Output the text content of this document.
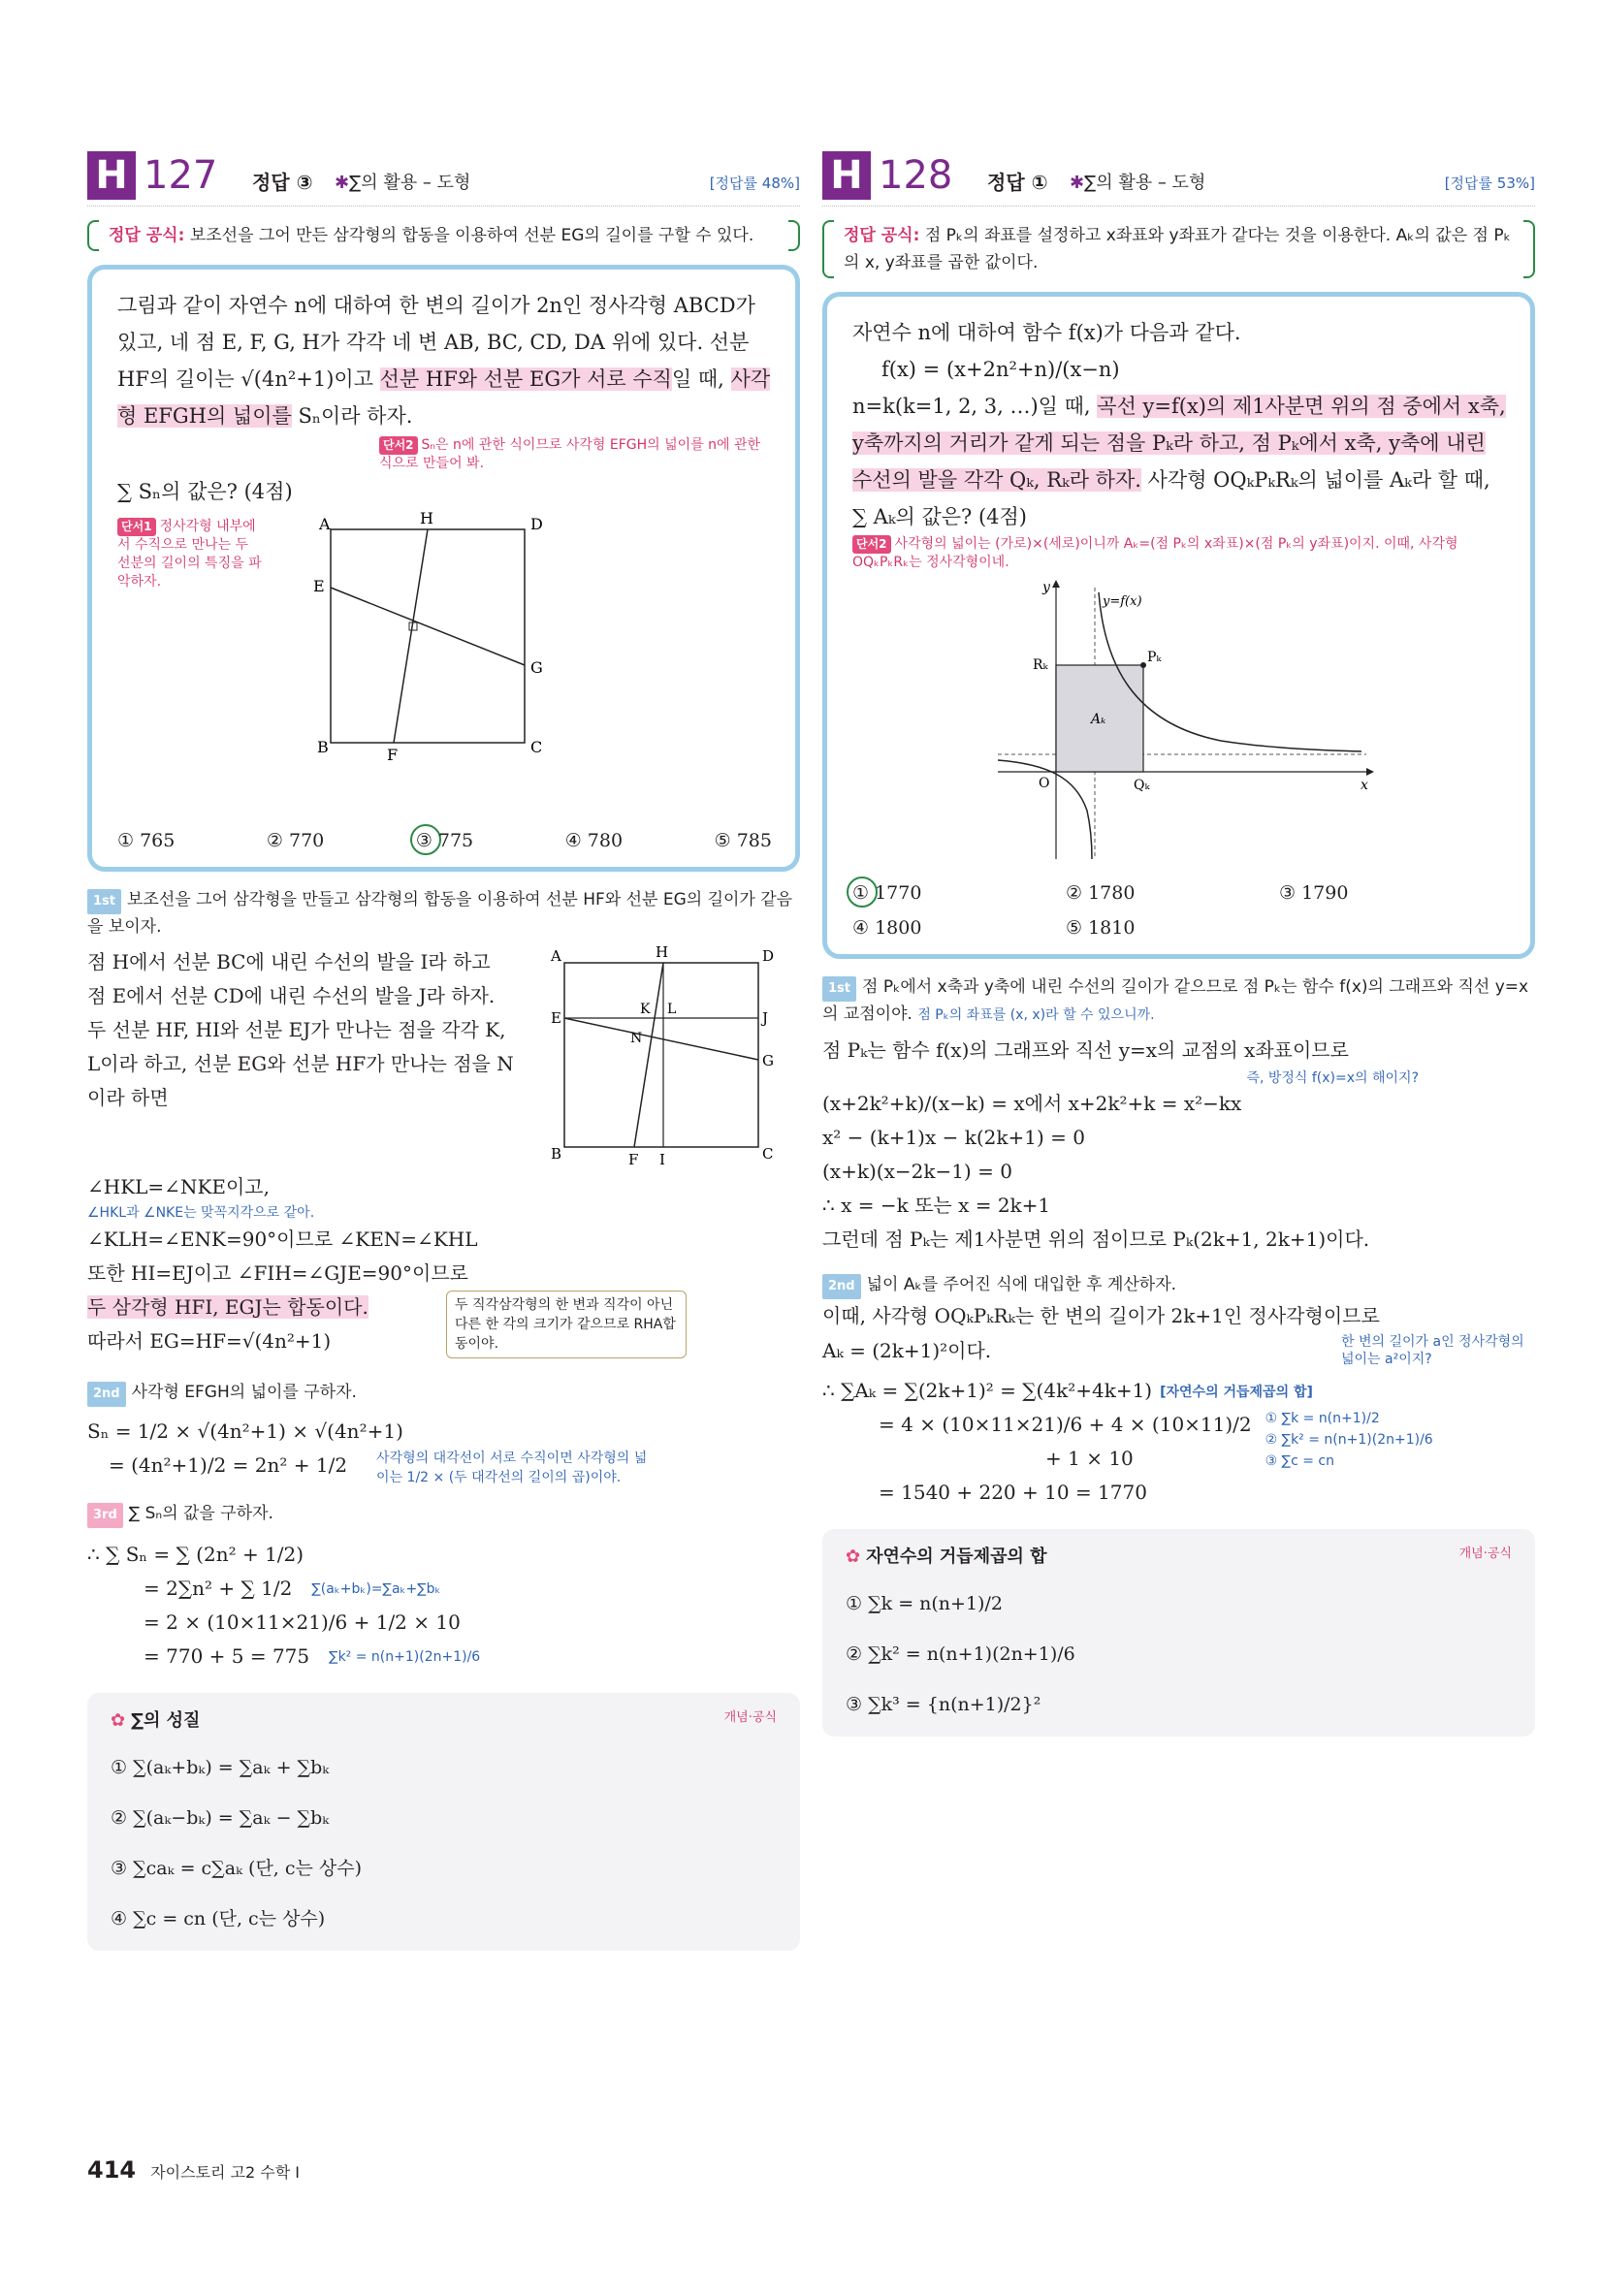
H 127 정답 ③ ✱∑의 활용 – 도형	[정답률 48%]
정답 공식: 보조선을 그어 만든 삼각형의 합동을 이용하여 선분 EG의 길이를 구할 수 있다.
그림과 같이 자연수 n에 대하여 한 변의 길이가 2n인 정사각형 ABCD가 있고, 네 점 E, F, G, H가 각각 네 변 AB, BC, CD, DA 위에 있다. 선분 HF의 길이는 √(4n²+1)이고 선분 HF와 선분 EG가 서로 수직일 때, 사각형 EFGH의 넓이를 Sₙ이라 하자.
단서2 Sₙ은 n에 관한 식이므로 사각형 EFGH의 넓이를 n에 관한 식으로 만들어 봐.
∑ Sₙ의 값은? (4점)
단서1 정사각형 내부에서 수직으로 만나는 두 선분의 길이의 특징을 파악하자.
A	H	D
E
G
B	F	C
① 765	② 770	③ 775	④ 780	⑤ 785
1st 보조선을 그어 삼각형을 만들고 삼각형의 합동을 이용하여 선분 HF와 선분 EG의 길이가 같음을 보이자.
점 H에서 선분 BC에 내린 수선의 발을 I라 하고 점 E에서 선분 CD에 내린 수선의 발을 J라 하자. 두 선분 HF, HI와 선분 EJ가 만나는 점을 각각 K, L이라 하고, 선분 EG와 선분 HF가 만나는 점을 N이라 하면
A	H	D
K L
E	J
N
G
B	F I	C
∠HKL=∠NKE이고,
∠HKL과 ∠NKE는 맞꼭지각으로 같아.
∠KLH=∠ENK=90°이므로 ∠KEN=∠KHL
또한 HI=EJ이고 ∠FIH=∠GJE=90°이므로
두 삼각형 HFI, EGJ는 합동이다.	두 직각삼각형의 한 변과 직각이 아닌 다른 한 각의 크기가 같으므로 RHA합동이야.
따라서 EG=HF=√(4n²+1)
2nd 사각형 EFGH의 넓이를 구하자.
Sₙ = 1/2 × √(4n²+1) × √(4n²+1)
= (4n²+1)/2 = 2n² + 1/2 사각형의 대각선이 서로 수직이면 사각형의 넓이는 1/2 × (두 대각선의 길이의 곱)이야.
3rd ∑ Sₙ의 값을 구하자.
∴ ∑ Sₙ = ∑ (2n² + 1/2)
= 2∑n² + ∑ 1/2 ∑(aₖ+bₖ)=∑aₖ+∑bₖ
= 2 × (10×11×21)/6 + 1/2 × 10
= 770 + 5 = 775 ∑k² = n(n+1)(2n+1)/6
✿ ∑의 성질	개념·공식
① ∑(aₖ+bₖ) = ∑aₖ + ∑bₖ
② ∑(aₖ−bₖ) = ∑aₖ − ∑bₖ
③ ∑caₖ = c∑aₖ (단, c는 상수)
④ ∑c = cn (단, c는 상수)
H 128 정답 ① ✱∑의 활용 – 도형	[정답률 53%]
정답 공식: 점 Pₖ의 좌표를 설정하고 x좌표와 y좌표가 같다는 것을 이용한다. Aₖ의 값은 점 Pₖ의 x, y좌표를 곱한 값이다.
자연수 n에 대하여 함수 f(x)가 다음과 같다.
f(x) = (x+2n²+n)/(x−n)
n=k(k=1, 2, 3, …)일 때, 곡선 y=f(x)의 제1사분면 위의 점 중에서 x축, y축까지의 거리가 같게 되는 점을 Pₖ라 하고, 점 Pₖ에서 x축, y축에 내린 수선의 발을 각각 Qₖ, Rₖ라 하자. 사각형 OQₖPₖRₖ의 넓이를 Aₖ라 할 때, ∑ Aₖ의 값은? (4점)
단서2 사각형의 넓이는 (가로)×(세로)이니까 Aₖ=(점 Pₖ의 x좌표)×(점 Pₖ의 y좌표)이지. 이때, 사각형 OQₖPₖRₖ는 정사각형이네.
y
y=f(x)
Rₖ	Pₖ
Aₖ
O	Qₖ	x
① 1770	② 1780	③ 1790
④ 1800	⑤ 1810
1st 점 Pₖ에서 x축과 y축에 내린 수선의 길이가 같으므로 점 Pₖ는 함수 f(x)의 그래프와 직선 y=x의 교점이야. 점 Pₖ의 좌표를 (x, x)라 할 수 있으니까.
점 Pₖ는 함수 f(x)의 그래프와 직선 y=x의 교점의 x좌표이므로
즉, 방정식 f(x)=x의 해이지?
(x+2k²+k)/(x−k) = x에서 x+2k²+k = x²−kx
x² − (k+1)x − k(2k+1) = 0
(x+k)(x−2k−1) = 0
∴ x = −k 또는 x = 2k+1
그런데 점 Pₖ는 제1사분면 위의 점이므로 Pₖ(2k+1, 2k+1)이다.
2nd 넓이 Aₖ를 주어진 식에 대입한 후 계산하자.
이때, 사각형 OQₖPₖRₖ는 한 변의 길이가 2k+1인 정사각형이므로
Aₖ = (2k+1)²이다.	한 변의 길이가 a인 정사각형의 넓이는 a²이지?
∴ ∑Aₖ = ∑(2k+1)² = ∑(4k²+4k+1) [자연수의 거듭제곱의 합]
= 4 × (10×11×21)/6 + 4 × (10×11)/2
+ 1 × 10
① ∑k = n(n+1)/2
② ∑k² = n(n+1)(2n+1)/6
③ ∑c = cn
= 1540 + 220 + 10 = 1770
✿ 자연수의 거듭제곱의 합	개념·공식
① ∑k = n(n+1)/2
② ∑k² = n(n+1)(2n+1)/6
③ ∑k³ = {n(n+1)/2}²
414 자이스토리 고2 수학 I
